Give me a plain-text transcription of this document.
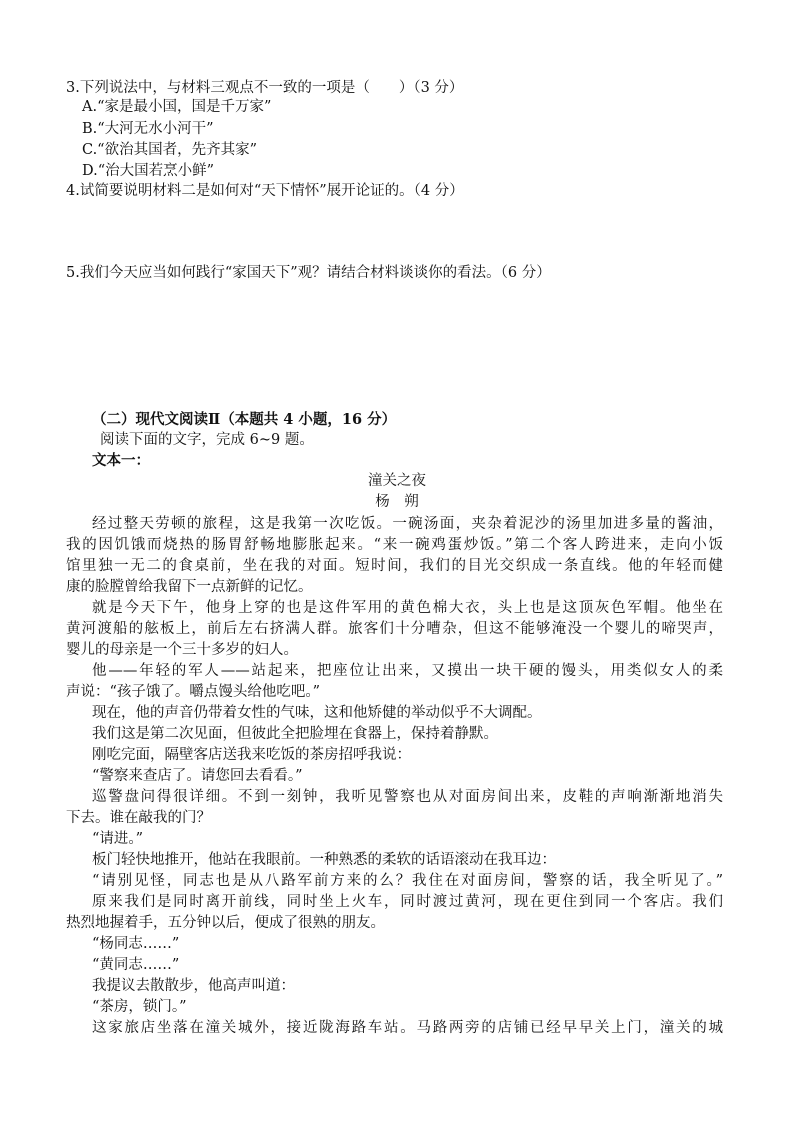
3.下列说法中，与材料三观点不一致的一项是（　　）（3 分）
A.“家是最小国，国是千万家”
B.“大河无水小河干”
C.“欲治其国者，先齐其家”
D.“治大国若烹小鲜”
4.试简要说明材料二是如何对“天下情怀”展开论证的。（4 分）
5.我们今天应当如何践行“家国天下”观？请结合材料谈谈你的看法。（6 分）
（二）现代文阅读Ⅱ（本题共 4 小题，16 分）
阅读下面的文字，完成 6~9 题。
文本一：
潼关之夜
杨　朔
经过整天劳顿的旅程，这是我第一次吃饭。一碗汤面，夹杂着泥沙的汤里加进多量的酱油，
我的因饥饿而烧热的肠胃舒畅地膨胀起来。“来一碗鸡蛋炒饭。”第二个客人跨进来，走向小饭
馆里独一无二的食桌前，坐在我的对面。短时间，我们的目光交织成一条直线。他的年轻而健
康的脸膛曾给我留下一点新鲜的记忆。
就是今天下午，他身上穿的也是这件军用的黄色棉大衣，头上也是这顶灰色军帽。他坐在
黄河渡船的舷板上，前后左右挤满人群。旅客们十分嘈杂，但这不能够淹没一个婴儿的啼哭声，
婴儿的母亲是一个三十多岁的妇人。
他——年轻的军人——站起来，把座位让出来，又摸出一块干硬的馒头，用类似女人的柔
声说：“孩子饿了。嚼点馒头给他吃吧。”
现在，他的声音仍带着女性的气味，这和他矫健的举动似乎不大调配。
我们这是第二次见面，但彼此全把脸埋在食器上，保持着静默。
刚吃完面，隔壁客店送我来吃饭的茶房招呼我说：
“警察来查店了。请您回去看看。”
巡警盘问得很详细。不到一刻钟，我听见警察也从对面房间出来，皮鞋的声响渐渐地消失
下去。谁在敲我的门？
“请进。”
板门轻快地推开，他站在我眼前。一种熟悉的柔软的话语滚动在我耳边：
“请别见怪，同志也是从八路军前方来的么？我住在对面房间，警察的话，我全听见了。”
原来我们是同时离开前线，同时坐上火车，同时渡过黄河，现在更住到同一个客店。我们
热烈地握着手，五分钟以后，便成了很熟的朋友。
“杨同志……”
“黄同志……”
我提议去散散步，他高声叫道：
“茶房，锁门。”
这家旅店坐落在潼关城外，接近陇海路车站。马路两旁的店铺已经早早关上门，潼关的城
